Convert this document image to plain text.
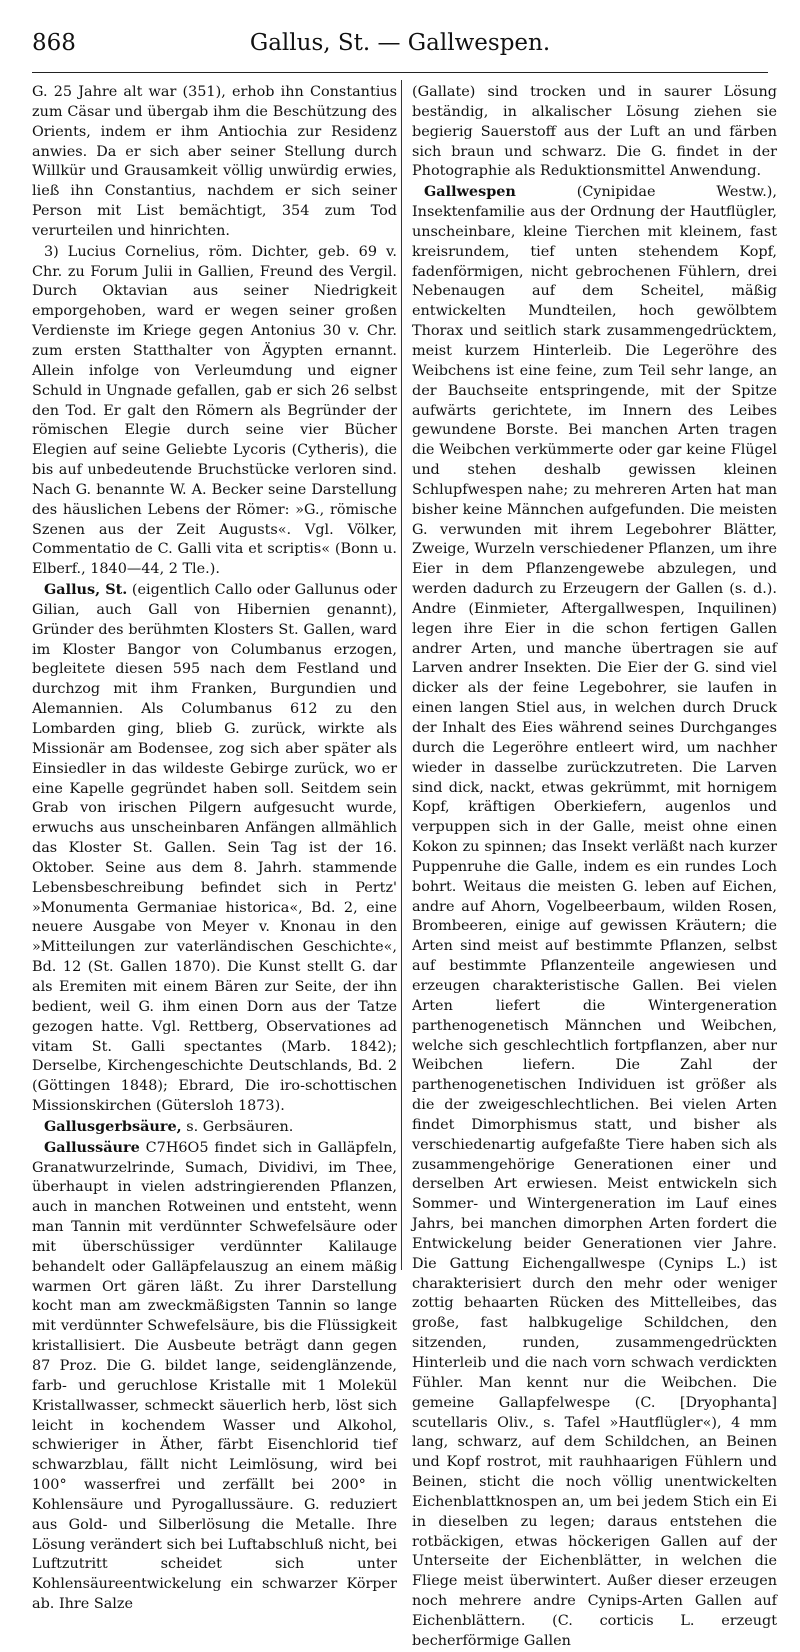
868	Gallus, St. — Gallwespen.

G. 25 Jahre alt war (351), erhob ihn Constantius zum Cäsar und übergab ihm die Beschützung des Orients, indem er ihm Antiochia zur Residenz anwies. Da er sich aber seiner Stellung durch Willkür und Grausamkeit völlig unwürdig erwies, ließ ihn Constantius, nachdem er sich seiner Person mit List bemächtigt, 354 zum Tod verurteilen und hinrichten.

3) Lucius Cornelius, röm. Dichter, geb. 69 v. Chr. zu Forum Julii in Gallien, Freund des Vergil. Durch Oktavian aus seiner Niedrigkeit emporgehoben, ward er wegen seiner großen Verdienste im Kriege gegen Antonius 30 v. Chr. zum ersten Statthalter von Ägypten ernannt. Allein infolge von Verleumdung und eigner Schuld in Ungnade gefallen, gab er sich 26 selbst den Tod. Er galt den Römern als Begründer der römischen Elegie durch seine vier Bücher Elegien auf seine Geliebte Lycoris (Cytheris), die bis auf unbedeutende Bruchstücke verloren sind. Nach G. benannte W. A. Becker seine Darstellung des häuslichen Lebens der Römer: »G., römische Szenen aus der Zeit Augusts«. Vgl. Völker, Commentatio de C. Galli vita et scriptis« (Bonn u. Elberf., 1840—44, 2 Tle.).

Gallus, St. (eigentlich Callo oder Gallunus oder Gilian, auch Gall von Hibernien genannt), Gründer des berühmten Klosters St. Gallen, ward im Kloster Bangor von Columbanus erzogen, begleitete diesen 595 nach dem Festland und durchzog mit ihm Franken, Burgundien und Alemannien. Als Columbanus 612 zu den Lombarden ging, blieb G. zurück, wirkte als Missionär am Bodensee, zog sich aber später als Einsiedler in das wildeste Gebirge zurück, wo er eine Kapelle gegründet haben soll. Seitdem sein Grab von irischen Pilgern aufgesucht wurde, erwuchs aus unscheinbaren Anfängen allmählich das Kloster St. Gallen. Sein Tag ist der 16. Oktober. Seine aus dem 8. Jahrh. stammende Lebensbeschreibung befindet sich in Pertz' »Monumenta Germaniae historica«, Bd. 2, eine neuere Ausgabe von Meyer v. Knonau in den »Mitteilungen zur vaterländischen Geschichte«, Bd. 12 (St. Gallen 1870). Die Kunst stellt G. dar als Eremiten mit einem Bären zur Seite, der ihn bedient, weil G. ihm einen Dorn aus der Tatze gezogen hatte. Vgl. Rettberg, Observationes ad vitam St. Galli spectantes (Marb. 1842); Derselbe, Kirchengeschichte Deutschlands, Bd. 2 (Göttingen 1848); Ebrard, Die iro-schottischen Missionskirchen (Gütersloh 1873).

Gallusgerbsäure, s. Gerbsäuren.

Gallussäure C7H6O5 findet sich in Galläpfeln, Granatwurzelrinde, Sumach, Dividivi, im Thee, überhaupt in vielen adstringierenden Pflanzen, auch in manchen Rotweinen und entsteht, wenn man Tannin mit verdünnter Schwefelsäure oder mit überschüssiger verdünnter Kalilauge behandelt oder Galläpfelauszug an einem mäßig warmen Ort gären läßt. Zu ihrer Darstellung kocht man am zweckmäßigsten Tannin so lange mit verdünnter Schwefelsäure, bis die Flüssigkeit kristallisiert. Die Ausbeute beträgt dann gegen 87 Proz. Die G. bildet lange, seidenglänzende, farb- und geruchlose Kristalle mit 1 Molekül Kristallwasser, schmeckt säuerlich herb, löst sich leicht in kochendem Wasser und Alkohol, schwieriger in Äther, färbt Eisenchlorid tief schwarzblau, fällt nicht Leimlösung, wird bei 100° wasserfrei und zerfällt bei 200° in Kohlensäure und Pyrogallussäure. G. reduziert aus Gold- und Silberlösung die Metalle. Ihre Lösung verändert sich bei Luftabschluß nicht, bei Luftzutritt scheidet sich unter Kohlensäureentwickelung ein schwarzer Körper ab. Ihre Salze

(Gallate) sind trocken und in saurer Lösung beständig, in alkalischer Lösung ziehen sie begierig Sauerstoff aus der Luft an und färben sich braun und schwarz. Die G. findet in der Photographie als Reduktionsmittel Anwendung.

Gallwespen (Cynipidae Westw.), Insektenfamilie aus der Ordnung der Hautflügler, unscheinbare, kleine Tierchen mit kleinem, fast kreisrundem, tief unten stehendem Kopf, fadenförmigen, nicht gebrochenen Fühlern, drei Nebenaugen auf dem Scheitel, mäßig entwickelten Mundteilen, hoch gewölbtem Thorax und seitlich stark zusammengedrücktem, meist kurzem Hinterleib. Die Legeröhre des Weibchens ist eine feine, zum Teil sehr lange, an der Bauchseite entspringende, mit der Spitze aufwärts gerichtete, im Innern des Leibes gewundene Borste. Bei manchen Arten tragen die Weibchen verkümmerte oder gar keine Flügel und stehen deshalb gewissen kleinen Schlupfwespen nahe; zu mehreren Arten hat man bisher keine Männchen aufgefunden. Die meisten G. verwunden mit ihrem Legebohrer Blätter, Zweige, Wurzeln verschiedener Pflanzen, um ihre Eier in dem Pflanzengewebe abzulegen, und werden dadurch zu Erzeugern der Gallen (s. d.). Andre (Einmieter, Aftergallwespen, Inquilinen) legen ihre Eier in die schon fertigen Gallen andrer Arten, und manche übertragen sie auf Larven andrer Insekten. Die Eier der G. sind viel dicker als der feine Legebohrer, sie laufen in einen langen Stiel aus, in welchen durch Druck der Inhalt des Eies während seines Durchganges durch die Legeröhre entleert wird, um nachher wieder in dasselbe zurückzutreten. Die Larven sind dick, nackt, etwas gekrümmt, mit hornigem Kopf, kräftigen Oberkiefern, augenlos und verpuppen sich in der Galle, meist ohne einen Kokon zu spinnen; das Insekt verläßt nach kurzer Puppenruhe die Galle, indem es ein rundes Loch bohrt. Weitaus die meisten G. leben auf Eichen, andre auf Ahorn, Vogelbeerbaum, wilden Rosen, Brombeeren, einige auf gewissen Kräutern; die Arten sind meist auf bestimmte Pflanzen, selbst auf bestimmte Pflanzenteile angewiesen und erzeugen charakteristische Gallen. Bei vielen Arten liefert die Wintergeneration parthenogenetisch Männchen und Weibchen, welche sich geschlechtlich fortpflanzen, aber nur Weibchen liefern. Die Zahl der parthenogenetischen Individuen ist größer als die der zweigeschlechtlichen. Bei vielen Arten findet Dimorphismus statt, und bisher als verschiedenartig aufgefaßte Tiere haben sich als zusammengehörige Generationen einer und derselben Art erwiesen. Meist entwickeln sich Sommer- und Wintergeneration im Lauf eines Jahrs, bei manchen dimorphen Arten fordert die Entwickelung beider Generationen vier Jahre. Die Gattung Eichengallwespe (Cynips L.) ist charakterisiert durch den mehr oder weniger zottig behaarten Rücken des Mittelleibes, das große, fast halbkugelige Schildchen, den sitzenden, runden, zusammengedrückten Hinterleib und die nach vorn schwach verdickten Fühler. Man kennt nur die Weibchen. Die gemeine Gallapfelwespe (C. [Dryophanta] scutellaris Oliv., s. Tafel »Hautflügler«), 4 mm lang, schwarz, auf dem Schildchen, an Beinen und Kopf rostrot, mit rauhhaarigen Fühlern und Beinen, sticht die noch völlig unentwickelten Eichenblattknospen an, um bei jedem Stich ein Ei in dieselben zu legen; daraus entstehen die rotbäckigen, etwas höckerigen Gallen auf der Unterseite der Eichenblätter, in welchen die Fliege meist überwintert. Außer dieser erzeugen noch mehrere andre Cynips-Arten Gallen auf Eichenblättern. (C. corticis L. erzeugt becherförmige Gallen
